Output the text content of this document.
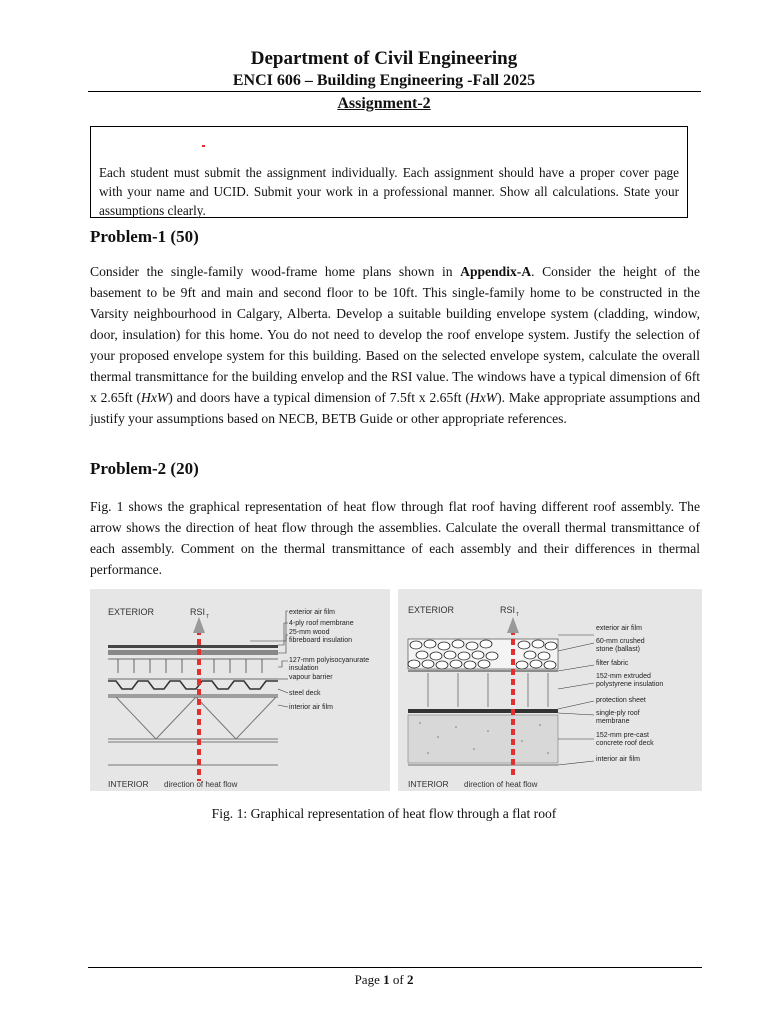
Department of Civil Engineering
ENCI 606 – Building Engineering -Fall 2025
Assignment-2
Each student must submit the assignment individually. Each assignment should have a proper cover page with your name and UCID. Submit your work in a professional manner. Show all calculations. State your assumptions clearly.
Problem-1 (50)
Consider the single-family wood-frame home plans shown in Appendix-A. Consider the height of the basement to be 9ft and main and second floor to be 10ft. This single-family home to be constructed in the Varsity neighbourhood in Calgary, Alberta. Develop a suitable building envelope system (cladding, window, door, insulation) for this home. You do not need to develop the roof envelope system. Justify the selection of your proposed envelope system for this building. Based on the selected envelope system, calculate the overall thermal transmittance for the building envelop and the RSI value. The windows have a typical dimension of 6ft x 2.65ft (HxW) and doors have a typical dimension of 7.5ft x 2.65ft (HxW). Make appropriate assumptions and justify your assumptions based on NECB, BETB Guide or other appropriate references.
Problem-2 (20)
Fig. 1 shows the graphical representation of heat flow through flat roof having different roof assembly. The arrow shows the direction of heat flow through the assemblies. Calculate the overall thermal transmittance of each assembly. Comment on the thermal transmittance of each assembly and their differences in thermal performance.
EXTERIOR	RSI T
INTERIOR direction of heat flow
exterior air film
4-ply roof membrane
25-mm wood
fibreboard insulation
127-mm polyisocyanurate
insulation
vapour barrier
steel deck
interior air film
EXTERIOR	RSI T
INTERIOR direction of heat flow
exterior air film
60-mm crushed
stone (ballast)
filter fabric
152-mm extruded
polystyrene insulation
protection sheet
single-ply roof
membrane
152-mm pre-cast
concrete roof deck
interior air film
Fig. 1: Graphical representation of heat flow through a flat roof
Page 1 of 2
